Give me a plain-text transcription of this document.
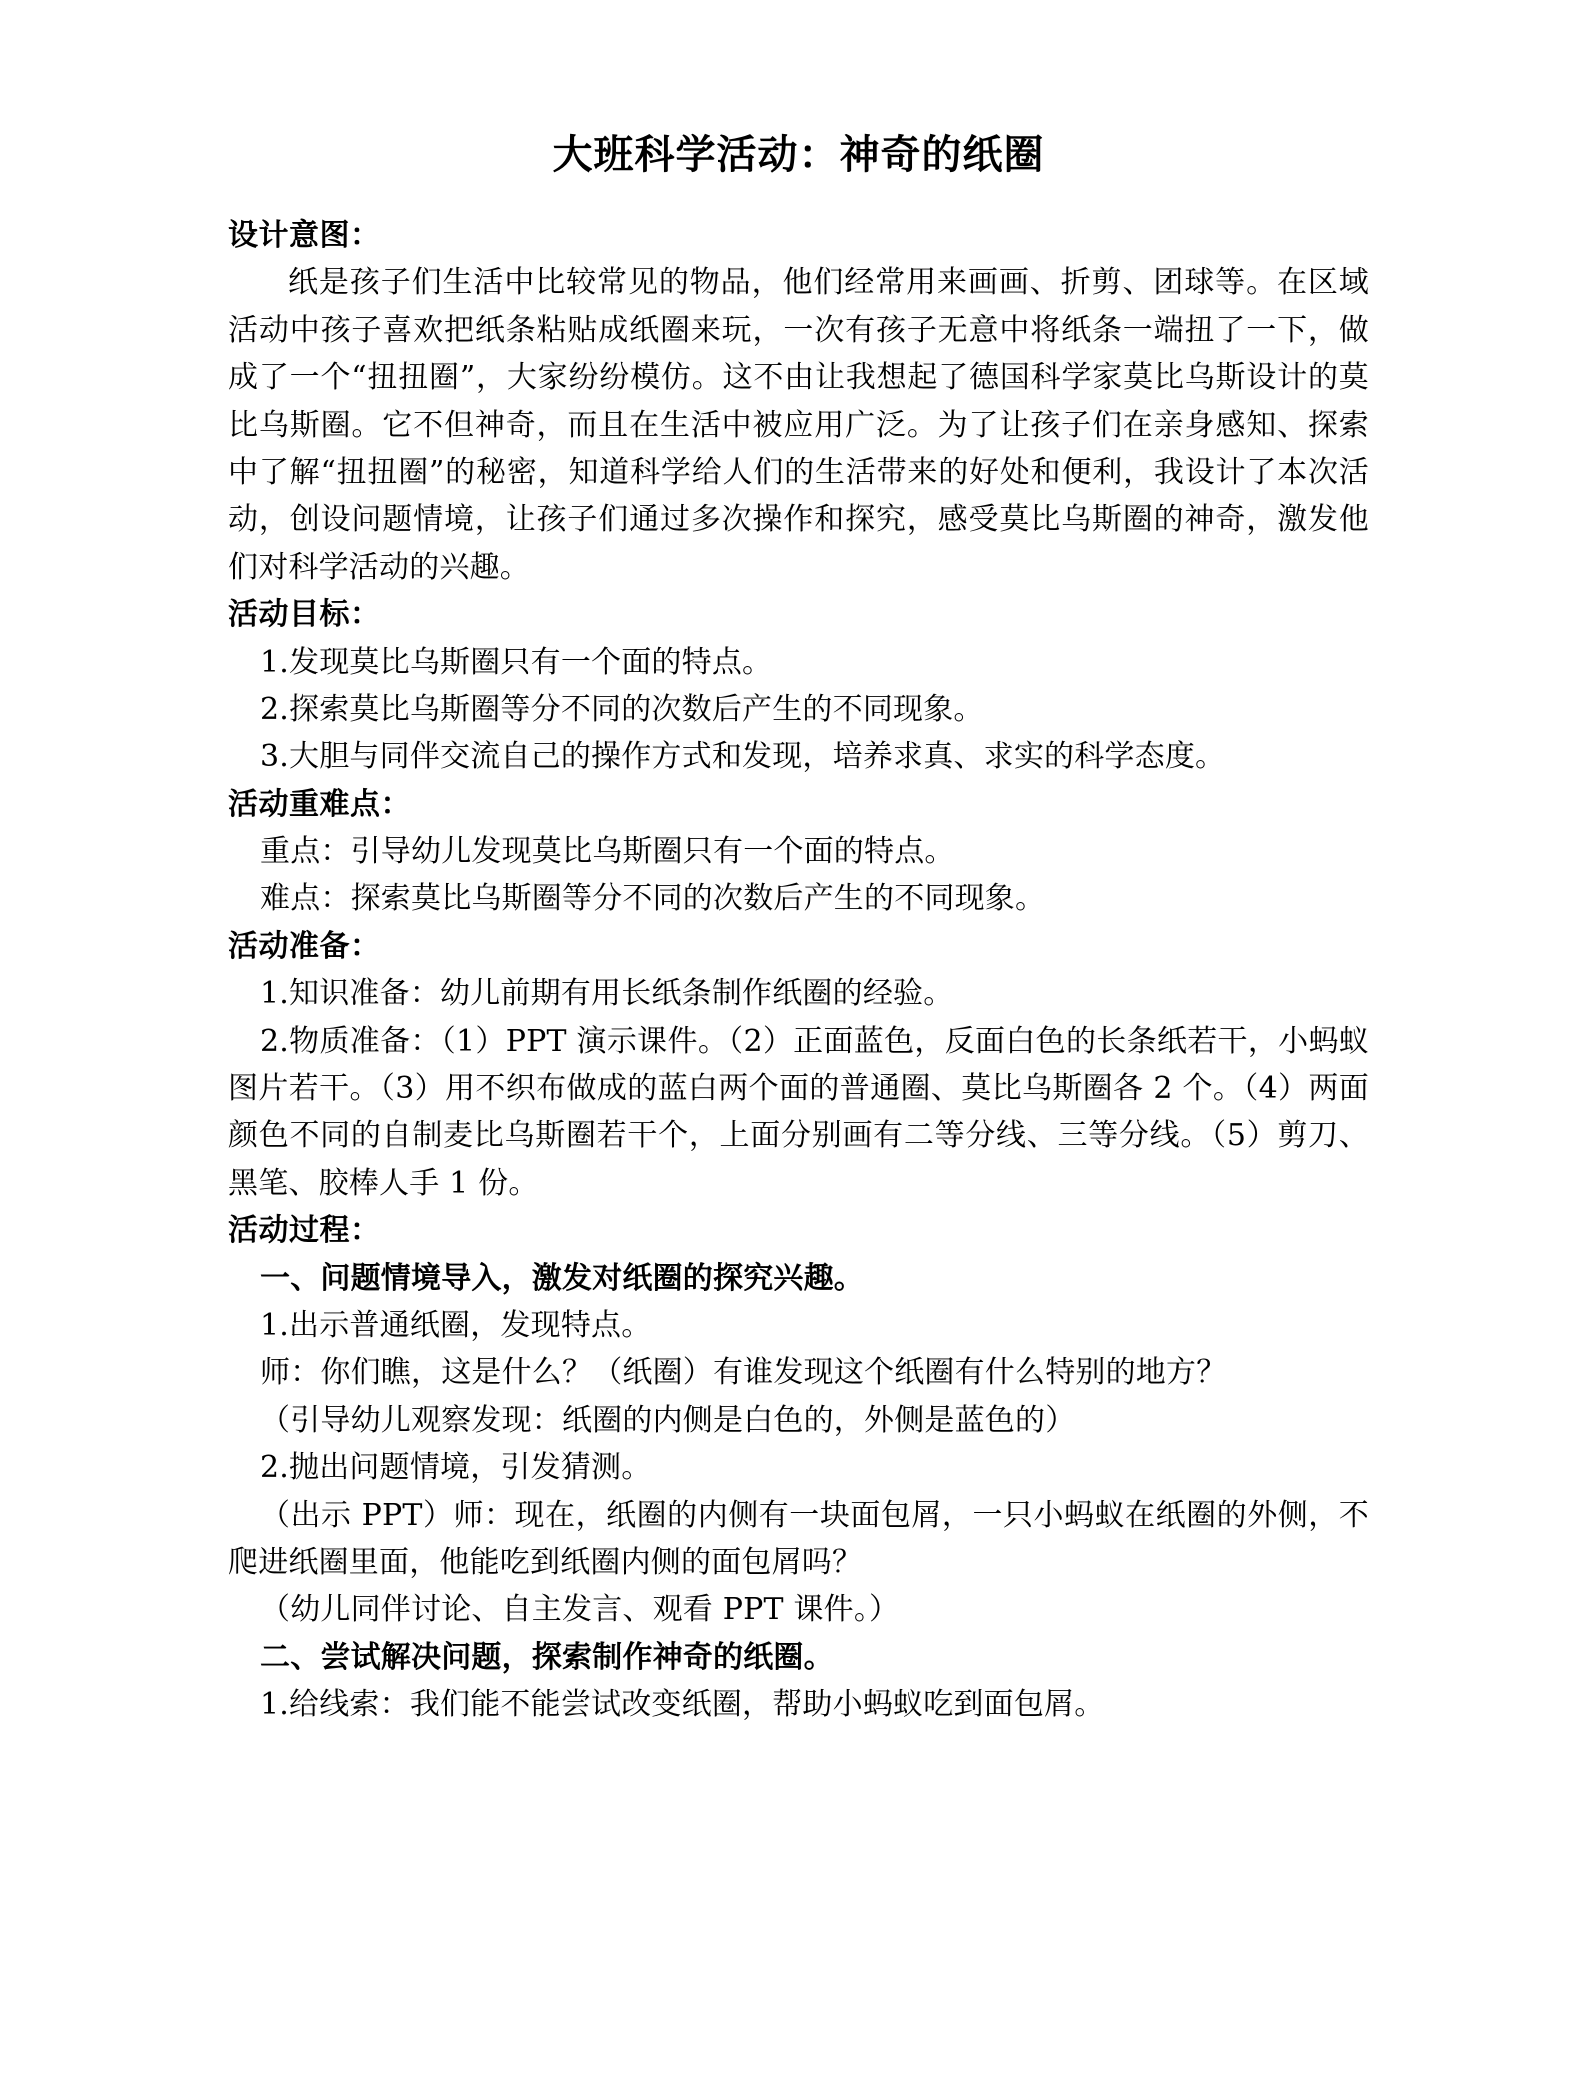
大班科学活动：神奇的纸圈

设计意图：

纸是孩子们生活中比较常见的物品，他们经常用来画画、折剪、团球等。在区域活动中孩子喜欢把纸条粘贴成纸圈来玩，一次有孩子无意中将纸条一端扭了一下，做成了一个“扭扭圈”，大家纷纷模仿。这不由让我想起了德国科学家莫比乌斯设计的莫比乌斯圈。它不但神奇，而且在生活中被应用广泛。为了让孩子们在亲身感知、探索中了解“扭扭圈”的秘密，知道科学给人们的生活带来的好处和便利，我设计了本次活动，创设问题情境，让孩子们通过多次操作和探究，感受莫比乌斯圈的神奇，激发他们对科学活动的兴趣。

活动目标：

1.发现莫比乌斯圈只有一个面的特点。

2.探索莫比乌斯圈等分不同的次数后产生的不同现象。

3.大胆与同伴交流自己的操作方式和发现，培养求真、求实的科学态度。

活动重难点：

重点：引导幼儿发现莫比乌斯圈只有一个面的特点。

难点：探索莫比乌斯圈等分不同的次数后产生的不同现象。

活动准备：

1.知识准备：幼儿前期有用长纸条制作纸圈的经验。

2.物质准备：（1）PPT 演示课件。（2）正面蓝色，反面白色的长条纸若干，小蚂蚁图片若干。（3）用不织布做成的蓝白两个面的普通圈、莫比乌斯圈各 2 个。（4）两面颜色不同的自制麦比乌斯圈若干个，上面分别画有二等分线、三等分线。（5）剪刀、黑笔、胶棒人手 1 份。

活动过程：

一、问题情境导入，激发对纸圈的探究兴趣。

1.出示普通纸圈，发现特点。

师：你们瞧，这是什么？（纸圈）有谁发现这个纸圈有什么特别的地方？

（引导幼儿观察发现：纸圈的内侧是白色的，外侧是蓝色的）

2.抛出问题情境，引发猜测。

（出示 PPT）师：现在，纸圈的内侧有一块面包屑，一只小蚂蚁在纸圈的外侧，不爬进纸圈里面，他能吃到纸圈内侧的面包屑吗？

（幼儿同伴讨论、自主发言、观看 PPT 课件。）

二、尝试解决问题，探索制作神奇的纸圈。

1.给线索：我们能不能尝试改变纸圈，帮助小蚂蚁吃到面包屑。
